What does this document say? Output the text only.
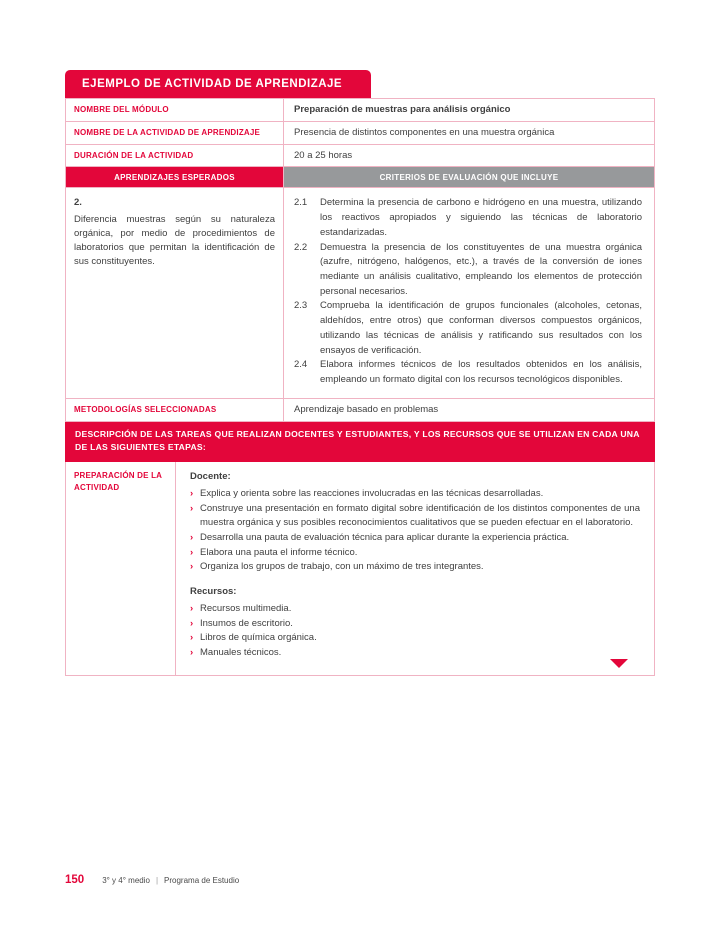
EJEMPLO DE ACTIVIDAD DE APRENDIZAJE
NOMBRE DEL MÓDULO	Preparación de muestras para análisis orgánico
NOMBRE DE LA ACTIVIDAD DE APRENDIZAJE	Presencia de distintos componentes en una muestra orgánica
DURACIÓN DE LA ACTIVIDAD	20 a 25 horas
APRENDIZAJES ESPERADOS	CRITERIOS DE EVALUACIÓN QUE INCLUYE
2.
Diferencia muestras según su naturaleza orgánica, por medio de procedimientos de laboratorios que permitan la identificación de sus constituyentes.
2.1	Determina la presencia de carbono e hidrógeno en una muestra, utilizando los reactivos apropiados y siguiendo las técnicas de laboratorio estandarizadas.
2.2	Demuestra la presencia de los constituyentes de una muestra orgánica (azufre, nitrógeno, halógenos, etc.), a través de la conversión de iones mediante un análisis cualitativo, empleando los elementos de protección personal necesarios.
2.3	Comprueba la identificación de grupos funcionales (alcoholes, cetonas, aldehídos, entre otros) que conforman diversos compuestos orgánicos, utilizando las técnicas de análisis y ratificando sus resultados con los ensayos de verificación.
2.4	Elabora informes técnicos de los resultados obtenidos en los análisis, empleando un formato digital con los recursos tecnológicos disponibles.
METODOLOGÍAS SELECCIONADAS	Aprendizaje basado en problemas
DESCRIPCIÓN DE LAS TAREAS QUE REALIZAN DOCENTES Y ESTUDIANTES, Y LOS RECURSOS QUE SE UTILIZAN EN CADA UNA DE LAS SIGUIENTES ETAPAS:
PREPARACIÓN DE LA ACTIVIDAD
Docente:
› Explica y orienta sobre las reacciones involucradas en las técnicas desarrolladas.
› Construye una presentación en formato digital sobre identificación de los distintos componentes de una muestra orgánica y sus posibles reconocimientos cualitativos que se pueden efectuar en el laboratorio.
› Desarrolla una pauta de evaluación técnica para aplicar durante la experiencia práctica.
› Elabora una pauta el informe técnico.
› Organiza los grupos de trabajo, con un máximo de tres integrantes.
Recursos:
› Recursos multimedia.
› Insumos de escritorio.
› Libros de química orgánica.
› Manuales técnicos.
150 3° y 4° medio | Programa de Estudio
